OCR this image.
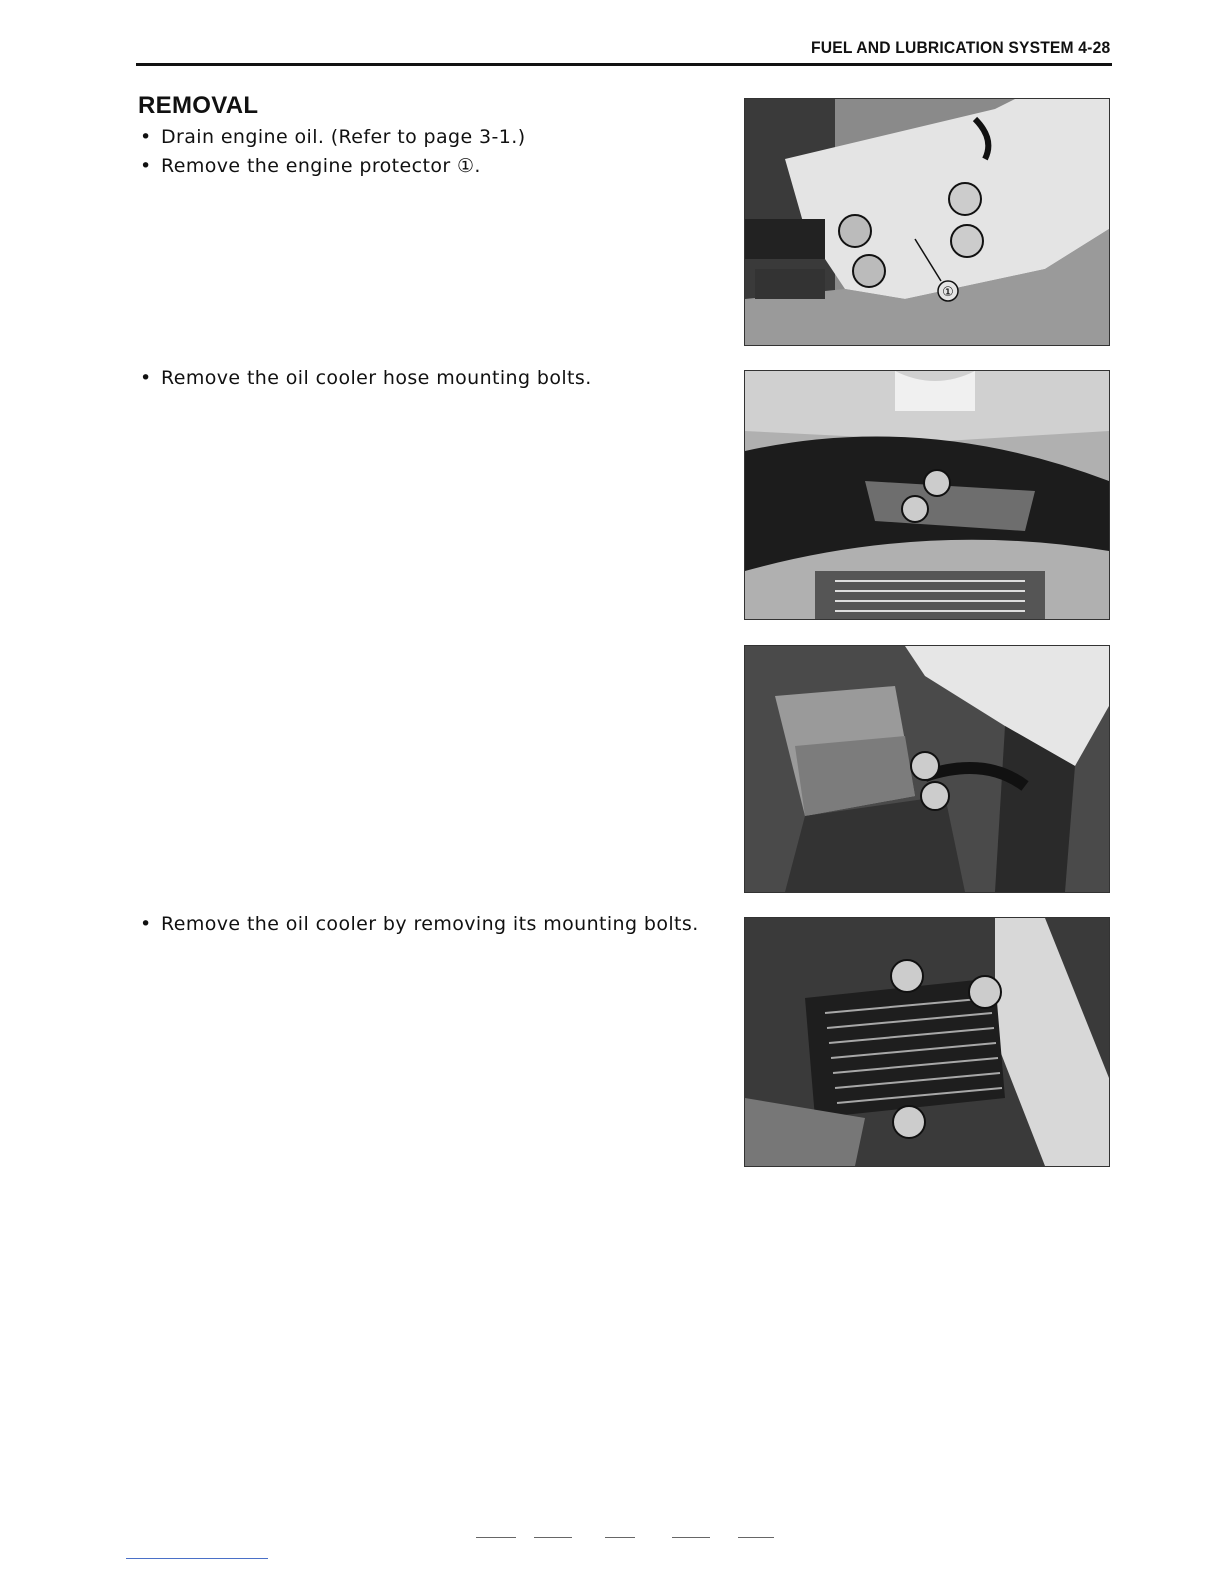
FUEL AND LUBRICATION SYSTEM 4-28
REMOVAL
• Drain engine oil. (Refer to page 3-1.)
• Remove the engine protector ①.
• Remove the oil cooler hose mounting bolts.
• Remove the oil cooler by removing its mounting bolts.
①
